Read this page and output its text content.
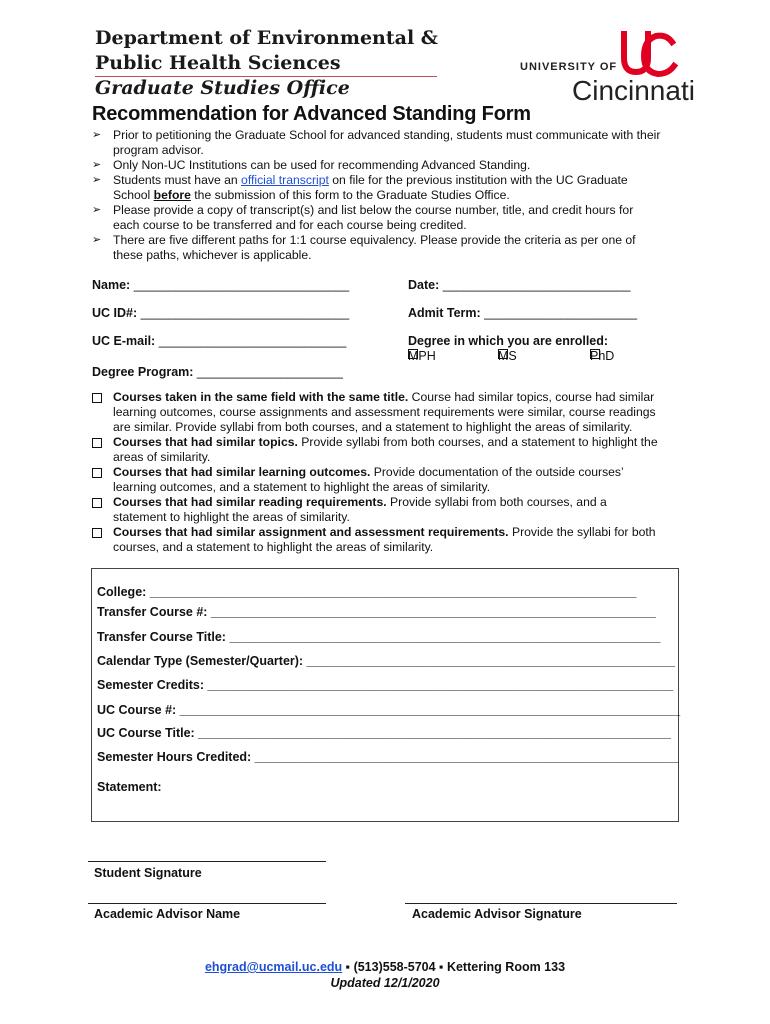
Department of Environmental &
Public Health Sciences
Graduate Studies Office
UNIVERSITY OF
Cincinnati
Recommendation for Advanced Standing Form
➢ Prior to petitioning the Graduate School for advanced standing, students must communicate with their
program advisor.
➢ Only Non-UC Institutions can be used for recommending Advanced Standing.
➢ Students must have an official transcript on file for the previous institution with the UC Graduate
School before the submission of this form to the Graduate Studies Office.
➢ Please provide a copy of transcript(s) and list below the course number, title, and credit hours for
each course to be transferred and for each course being credited.
➢ There are five different paths for 1:1 course equivalency. Please provide the criteria as per one of
these paths, whichever is applicable.
Name: _______________________________	Date: ___________________________
UC ID#: ______________________________	Admit Term: ______________________
UC E-mail: ___________________________	Degree in which you are enrolled:
MPH	MS	PhD
Degree Program: _____________________
Courses taken in the same field with the same title. Course had similar topics, course had similar
learning outcomes, course assignments and assessment requirements were similar, course readings
are similar. Provide syllabi from both courses, and a statement to highlight the areas of similarity.
Courses that had similar topics. Provide syllabi from both courses, and a statement to highlight the
areas of similarity.
Courses that had similar learning outcomes. Provide documentation of the outside courses’
learning outcomes, and a statement to highlight the areas of similarity.
Courses that had similar reading requirements. Provide syllabi from both courses, and a
statement to highlight the areas of similarity.
Courses that had similar assignment and assessment requirements. Provide the syllabi for both
courses, and a statement to highlight the areas of similarity.
College: ______________________________________________________________________
Transfer Course #: ________________________________________________________________
Transfer Course Title: ______________________________________________________________
Calendar Type (Semester/Quarter): _____________________________________________________
Semester Credits: ___________________________________________________________________
UC Course #: ________________________________________________________________________
UC Course Title: ____________________________________________________________________
Semester Hours Credited: _____________________________________________________________
Statement:
Student Signature
Academic Advisor Name	Academic Advisor Signature
ehgrad@ucmail.uc.edu ▪ (513)558-5704 ▪ Kettering Room 133
Updated 12/1/2020
